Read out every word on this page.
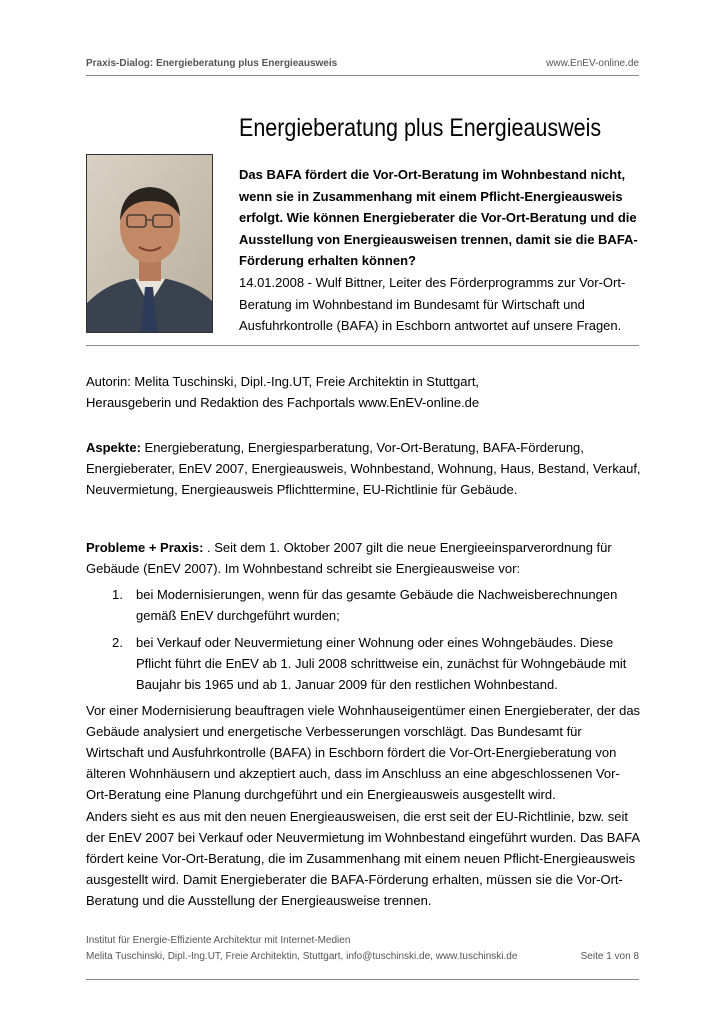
Praxis-Dialog: Energieberatung plus Energieausweis	www.EnEV-online.de
Energieberatung plus Energieausweis

Das BAFA fördert die Vor-Ort-Beratung im Wohnbestand nicht, wenn sie in Zusammenhang mit einem Pflicht-Energieausweis erfolgt. Wie können Energieberater die Vor-Ort-Beratung und die Ausstellung von Energieausweisen trennen, damit sie die BAFA-Förderung erhalten können?

14.01.2008 - Wulf Bittner, Leiter des Förderprogramms zur Vor-Ort-Beratung im Wohnbestand im Bundesamt für Wirtschaft und Ausfuhrkontrolle (BAFA) in Eschborn antwortet auf unsere Fragen.

Autorin: Melita Tuschinski, Dipl.-Ing.UT, Freie Architektin in Stuttgart,
Herausgeberin und Redaktion des Fachportals www.EnEV-online.de

Aspekte: Energieberatung, Energiesparberatung, Vor-Ort-Beratung, BAFA-Förderung, Energieberater, EnEV 2007, Energieausweis, Wohnbestand, Wohnung, Haus, Bestand, Verkauf, Neuvermietung, Energieausweis Pflichttermine, EU-Richtlinie für Gebäude.

Probleme + Praxis: . Seit dem 1. Oktober 2007 gilt die neue Energieeinsparverordnung für Gebäude (EnEV 2007). Im Wohnbestand schreibt sie Energieausweise vor:

1. bei Modernisierungen, wenn für das gesamte Gebäude die Nachweisberechnungen gemäß EnEV durchgeführt wurden;
2. bei Verkauf oder Neuvermietung einer Wohnung oder eines Wohngebäudes. Diese Pflicht führt die EnEV ab 1. Juli 2008 schrittweise ein, zunächst für Wohngebäude mit Baujahr bis 1965 und ab 1. Januar 2009 für den restlichen Wohnbestand.

Vor einer Modernisierung beauftragen viele Wohnhauseigentümer einen Energieberater, der das Gebäude analysiert und energetische Verbesserungen vorschlägt. Das Bundesamt für Wirtschaft und Ausfuhrkontrolle (BAFA) in Eschborn fördert die Vor-Ort-Energieberatung von älteren Wohnhäusern und akzeptiert auch, dass im Anschluss an eine abgeschlossenen Vor-Ort-Beratung eine Planung durchgeführt und ein Energieausweis ausgestellt wird.

Anders sieht es aus mit den neuen Energieausweisen, die erst seit der EU-Richtlinie, bzw. seit der EnEV 2007 bei Verkauf oder Neuvermietung im Wohnbestand eingeführt wurden. Das BAFA fördert keine Vor-Ort-Beratung, die im Zusammenhang mit einem neuen Pflicht-Energieausweis ausgestellt wird. Damit Energieberater die BAFA-Förderung erhalten, müssen sie die Vor-Ort-Beratung und die Ausstellung der Energieausweise trennen.

Institut für Energie-Effiziente Architektur mit Internet-Medien
Melita Tuschinski, Dipl.-Ing.UT, Freie Architektin, Stuttgart, info@tuschinski.de, www.tuschinski.de	Seite 1 von 8
